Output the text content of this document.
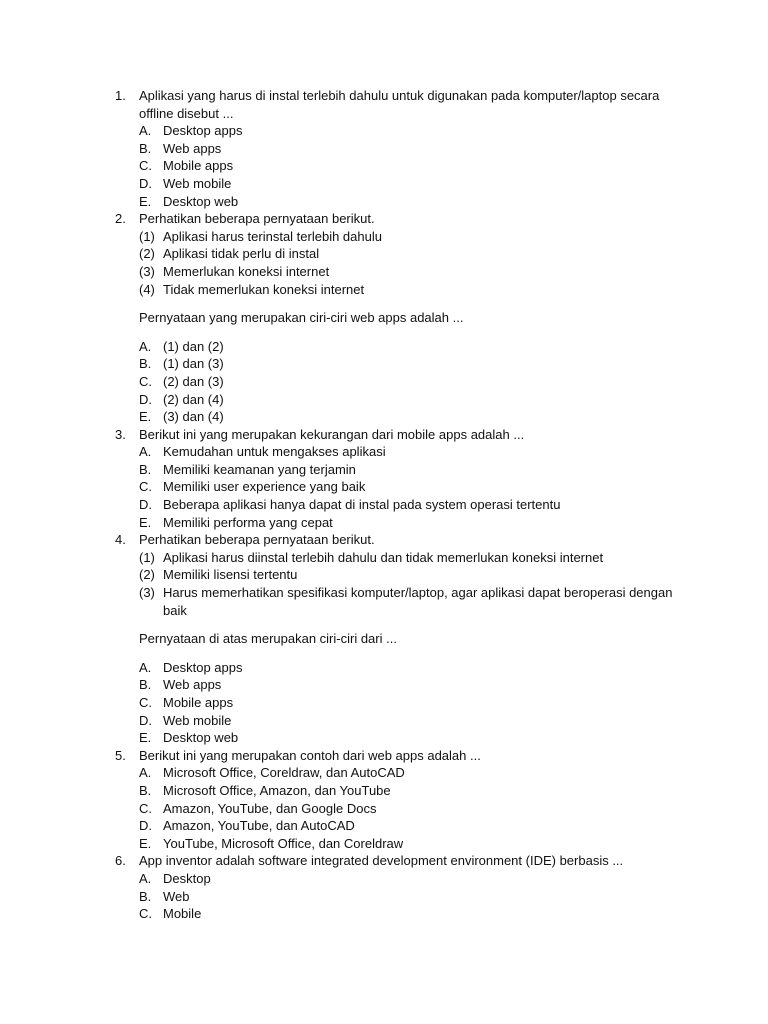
1. Aplikasi yang harus di instal terlebih dahulu untuk digunakan pada komputer/laptop secara
offline disebut ...
A. Desktop apps
B. Web apps
C. Mobile apps
D. Web mobile
E. Desktop web
2. Perhatikan beberapa pernyataan berikut.
(1) Aplikasi harus terinstal terlebih dahulu
(2) Aplikasi tidak perlu di instal
(3) Memerlukan koneksi internet
(4) Tidak memerlukan koneksi internet
Pernyataan yang merupakan ciri-ciri web apps adalah ...
A. (1) dan (2)
B. (1) dan (3)
C. (2) dan (3)
D. (2) dan (4)
E. (3) dan (4)
3. Berikut ini yang merupakan kekurangan dari mobile apps adalah ...
A. Kemudahan untuk mengakses aplikasi
B. Memiliki keamanan yang terjamin
C. Memiliki user experience yang baik
D. Beberapa aplikasi hanya dapat di instal pada system operasi tertentu
E. Memiliki performa yang cepat
4. Perhatikan beberapa pernyataan berikut.
(1) Aplikasi harus diinstal terlebih dahulu dan tidak memerlukan koneksi internet
(2) Memiliki lisensi tertentu
(3) Harus memerhatikan spesifikasi komputer/laptop, agar aplikasi dapat beroperasi dengan
baik
Pernyataan di atas merupakan ciri-ciri dari ...
A. Desktop apps
B. Web apps
C. Mobile apps
D. Web mobile
E. Desktop web
5. Berikut ini yang merupakan contoh dari web apps adalah ...
A. Microsoft Office, Coreldraw, dan AutoCAD
B. Microsoft Office, Amazon, dan YouTube
C. Amazon, YouTube, dan Google Docs
D. Amazon, YouTube, dan AutoCAD
E. YouTube, Microsoft Office, dan Coreldraw
6. App inventor adalah software integrated development environment (IDE) berbasis ...
A. Desktop
B. Web
C. Mobile
